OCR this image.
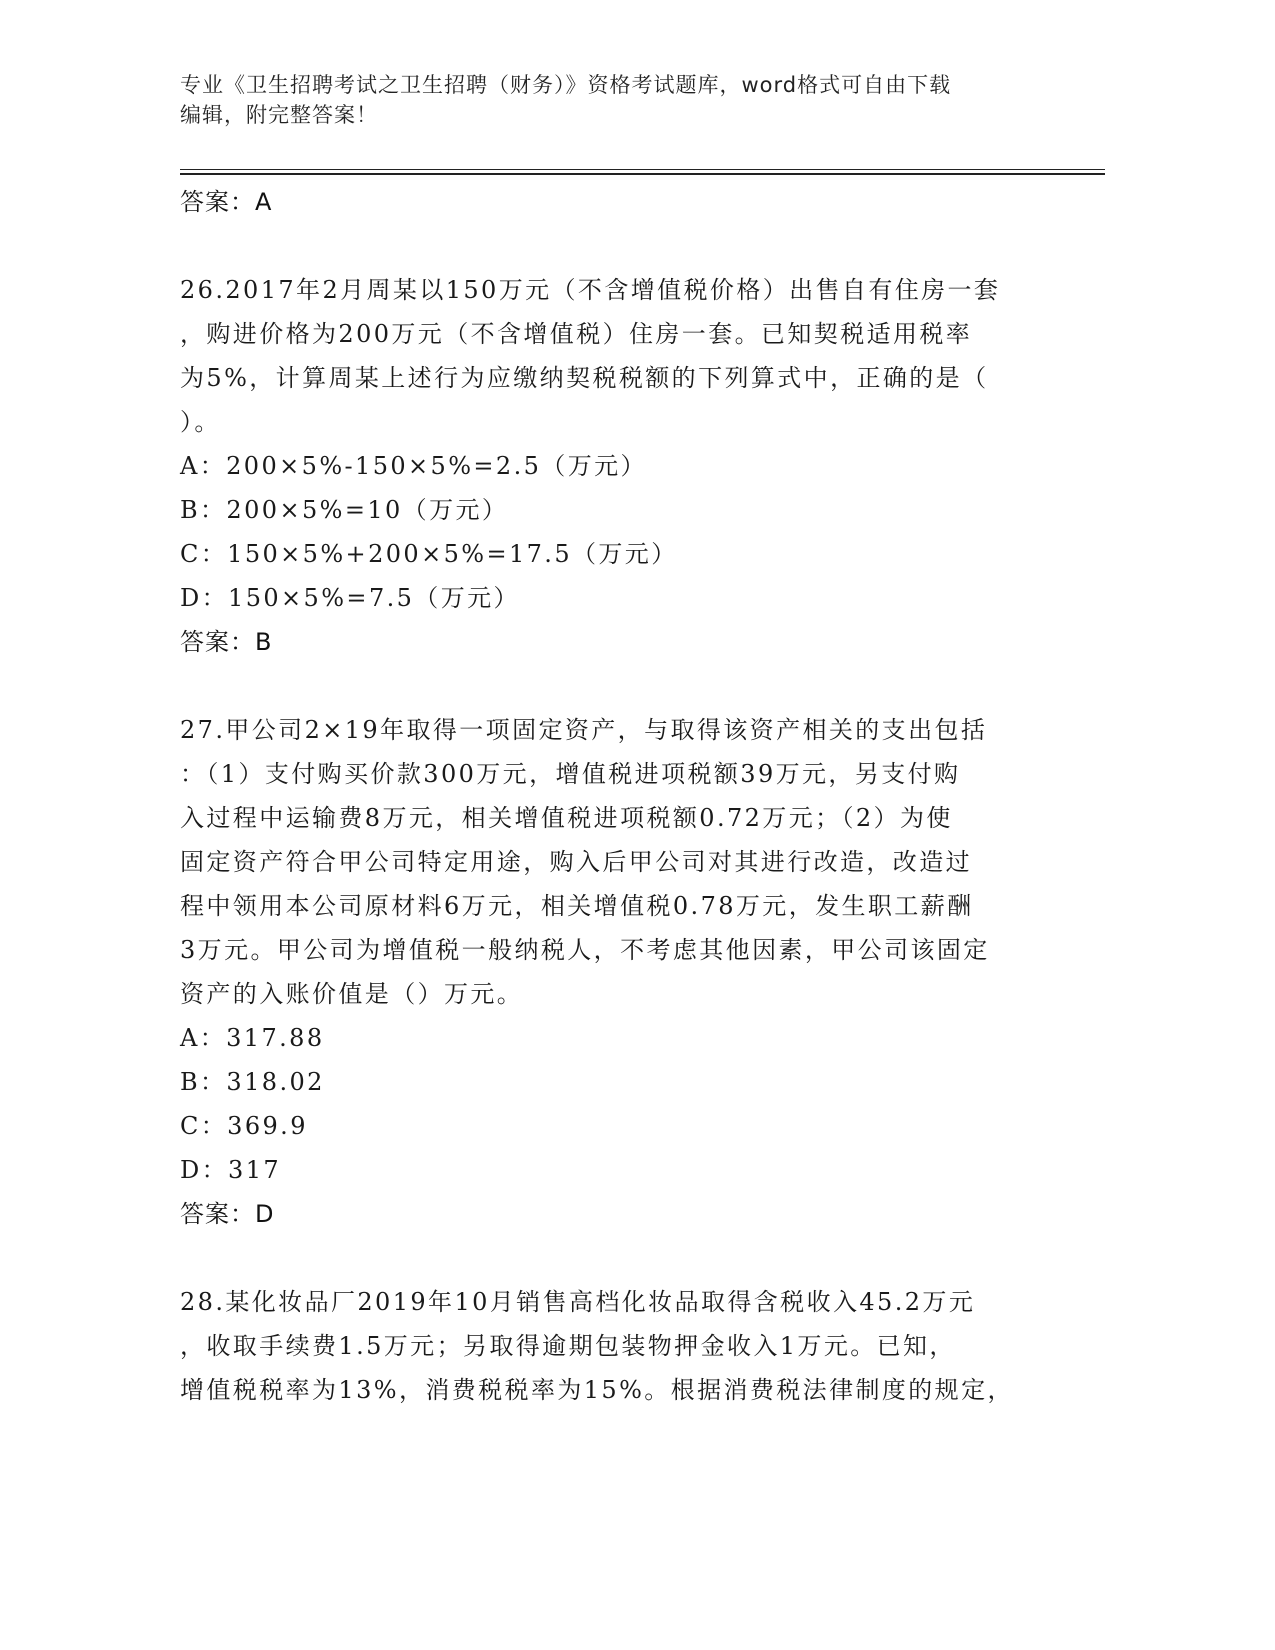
专业《卫生招聘考试之卫生招聘（财务）》资格考试题库，word格式可自由下载
编辑，附完整答案！
答案：A
26.2017年2月周某以150万元（不含增值税价格）出售自有住房一套
，购进价格为200万元（不含增值税）住房一套。已知契税适用税率
为5%，计算周某上述行为应缴纳契税税额的下列算式中，正确的是（
）。
A：200×5%-150×5%=2.5（万元）
B：200×5%=10（万元）
C：150×5%+200×5%=17.5（万元）
D：150×5%=7.5（万元）
答案：B
27.甲公司2×19年取得一项固定资产，与取得该资产相关的支出包括
：（1）支付购买价款300万元，增值税进项税额39万元，另支付购
入过程中运输费8万元，相关增值税进项税额0.72万元；（2）为使
固定资产符合甲公司特定用途，购入后甲公司对其进行改造，改造过
程中领用本公司原材料6万元，相关增值税0.78万元，发生职工薪酬
3万元。甲公司为增值税一般纳税人，不考虑其他因素，甲公司该固定
资产的入账价值是（）万元。
A：317.88
B：318.02
C：369.9
D：317
答案：D
28.某化妆品厂2019年10月销售高档化妆品取得含税收入45.2万元
，收取手续费1.5万元；另取得逾期包装物押金收入1万元。已知，
增值税税率为13%，消费税税率为15%。根据消费税法律制度的规定，
